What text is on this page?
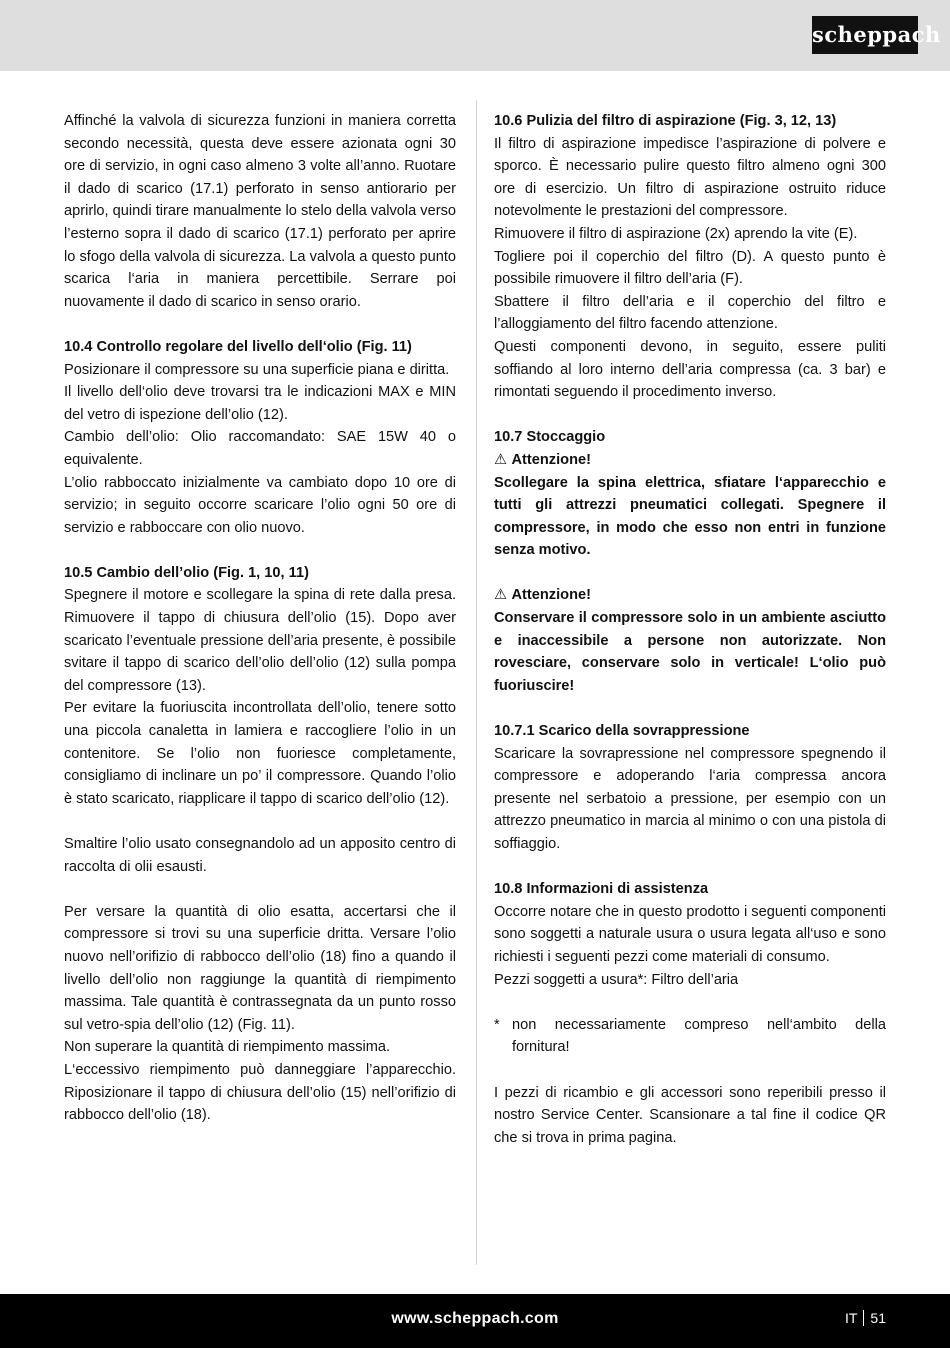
scheppach

Affinché la valvola di sicurezza funzioni in maniera corretta secondo necessità, questa deve essere azionata ogni 30 ore di servizio, in ogni caso almeno 3 volte all’anno. Ruotare il dado di scarico (17.1) perforato in senso antiorario per aprirlo, quindi tirare manualmente lo stelo della valvola verso l’esterno sopra il dado di scarico (17.1) perforato per aprire lo sfogo della valvola di sicurezza. La valvola a questo punto scarica l‘aria in maniera percettibile. Serrare poi nuovamente il dado di scarico in senso orario.

10.4 Controllo regolare del livello dell‘olio (Fig. 11)

Posizionare il compressore su una superficie piana e diritta.

Il livello dell‘olio deve trovarsi tra le indicazioni MAX e MIN del vetro di ispezione dell’olio (12).

Cambio dell’olio: Olio raccomandato: SAE 15W 40 o equivalente.

L’olio rabboccato inizialmente va cambiato dopo 10 ore di servizio; in seguito occorre scaricare l’olio ogni 50 ore di servizio e rabboccare con olio nuovo.

10.5 Cambio dell’olio (Fig. 1, 10, 11)

Spegnere il motore e scollegare la spina di rete dalla presa. Rimuovere il tappo di chiusura dell’olio (15). Dopo aver scaricato l’eventuale pressione dell’aria presente, è possibile svitare il tappo di scarico dell’olio dell’olio (12) sulla pompa del compressore (13).

Per evitare la fuoriuscita incontrollata dell’olio, tenere sotto una piccola canaletta in lamiera e raccogliere l’olio in un contenitore. Se l’olio non fuoriesce completamente, consigliamo di inclinare un po’ il compressore. Quando l’olio è stato scaricato, riapplicare il tappo di scarico dell’olio (12).

Smaltire l’olio usato consegnandolo ad un apposito centro di raccolta di olii esausti.

Per versare la quantità di olio esatta, accertarsi che il compressore si trovi su una superficie dritta. Versare l’olio nuovo nell’orifizio di rabbocco dell’olio (18) fino a quando il livello dell’olio non raggiunge la quantità di riempimento massima. Tale quantità è contrassegnata da un punto rosso sul vetro-spia dell’olio (12) (Fig. 11).

Non superare la quantità di riempimento massima.

L‘eccessivo riempimento può danneggiare l’apparecchio. Riposizionare il tappo di chiusura dell’olio (15) nell’orifizio di rabbocco dell’olio (18).

10.6 Pulizia del filtro di aspirazione (Fig. 3, 12, 13)

Il filtro di aspirazione impedisce l’aspirazione di polvere e sporco. È necessario pulire questo filtro almeno ogni 300 ore di esercizio. Un filtro di aspirazione ostruito riduce notevolmente le prestazioni del compressore.

Rimuovere il filtro di aspirazione (2x) aprendo la vite (E).

Togliere poi il coperchio del filtro (D). A questo punto è possibile rimuovere il filtro dell’aria (F).

Sbattere il filtro dell’aria e il coperchio del filtro e l’alloggiamento del filtro facendo attenzione.

Questi componenti devono, in seguito, essere puliti soffiando al loro interno dell’aria compressa (ca. 3 bar) e rimontati seguendo il procedimento inverso.

10.7 Stoccaggio

⚠ Attenzione!

Scollegare la spina elettrica, sfiatare l‘apparecchio e tutti gli attrezzi pneumatici collegati. Spegnere il compressore, in modo che esso non entri in funzione senza motivo.

⚠ Attenzione!

Conservare il compressore solo in un ambiente asciutto e inaccessibile a persone non autorizzate. Non rovesciare, conservare solo in verticale! L‘olio può fuoriuscire!

10.7.1 Scarico della sovrappressione

Scaricare la sovrapressione nel compressore spegnendo il compressore e adoperando l‘aria compressa ancora presente nel serbatoio a pressione, per esempio con un attrezzo pneumatico in marcia al minimo o con una pistola di soffiaggio.

10.8 Informazioni di assistenza

Occorre notare che in questo prodotto i seguenti componenti sono soggetti a naturale usura o usura legata all‘uso e sono richiesti i seguenti pezzi come materiali di consumo.

Pezzi soggetti a usura*: Filtro dell’aria

* non necessariamente compreso nell‘ambito della fornitura!

I pezzi di ricambio e gli accessori sono reperibili presso il nostro Service Center. Scansionare a tal fine il codice QR che si trova in prima pagina.

www.scheppach.com	IT 51
